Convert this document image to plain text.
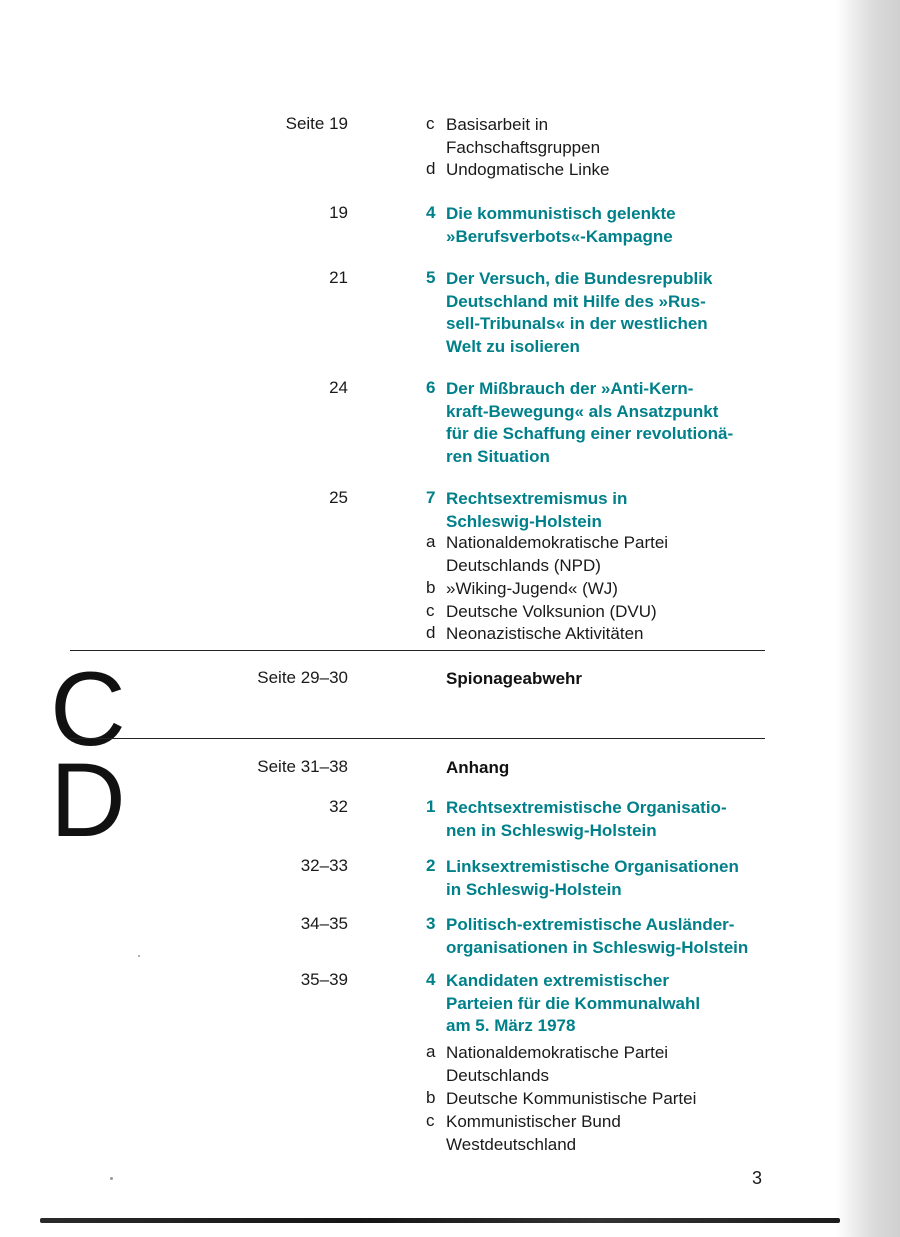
Seite 19	c Basisarbeit in
Fachschaftsgruppen
d Undogmatische Linke
19	4 Die kommunistisch gelenkte
»Berufsverbots«-Kampagne
21	5 Der Versuch, die Bundesrepublik
Deutschland mit Hilfe des »Rus-
sell-Tribunals« in der westlichen
Welt zu isolieren
24	6 Der Mißbrauch der »Anti-Kern-
kraft-Bewegung« als Ansatzpunkt
für die Schaffung einer revolutionä-
ren Situation
25	7 Rechtsextremismus in
Schleswig-Holstein
a Nationaldemokratische Partei
Deutschlands (NPD)
b »Wiking-Jugend« (WJ)
c Deutsche Volksunion (DVU)
d Neonazistische Aktivitäten
C	Seite 29–30	Spionageabwehr
D	Seite 31–38	Anhang
32	1 Rechtsextremistische Organisatio-
nen in Schleswig-Holstein
32–33	2 Linksextremistische Organisationen
in Schleswig-Holstein
34–35	3 Politisch-extremistische Ausländer-
organisationen in Schleswig-Holstein
35–39	4 Kandidaten extremistischer
Parteien für die Kommunalwahl
am 5. März 1978
a Nationaldemokratische Partei
Deutschlands
b Deutsche Kommunistische Partei
c Kommunistischer Bund
Westdeutschland
3
